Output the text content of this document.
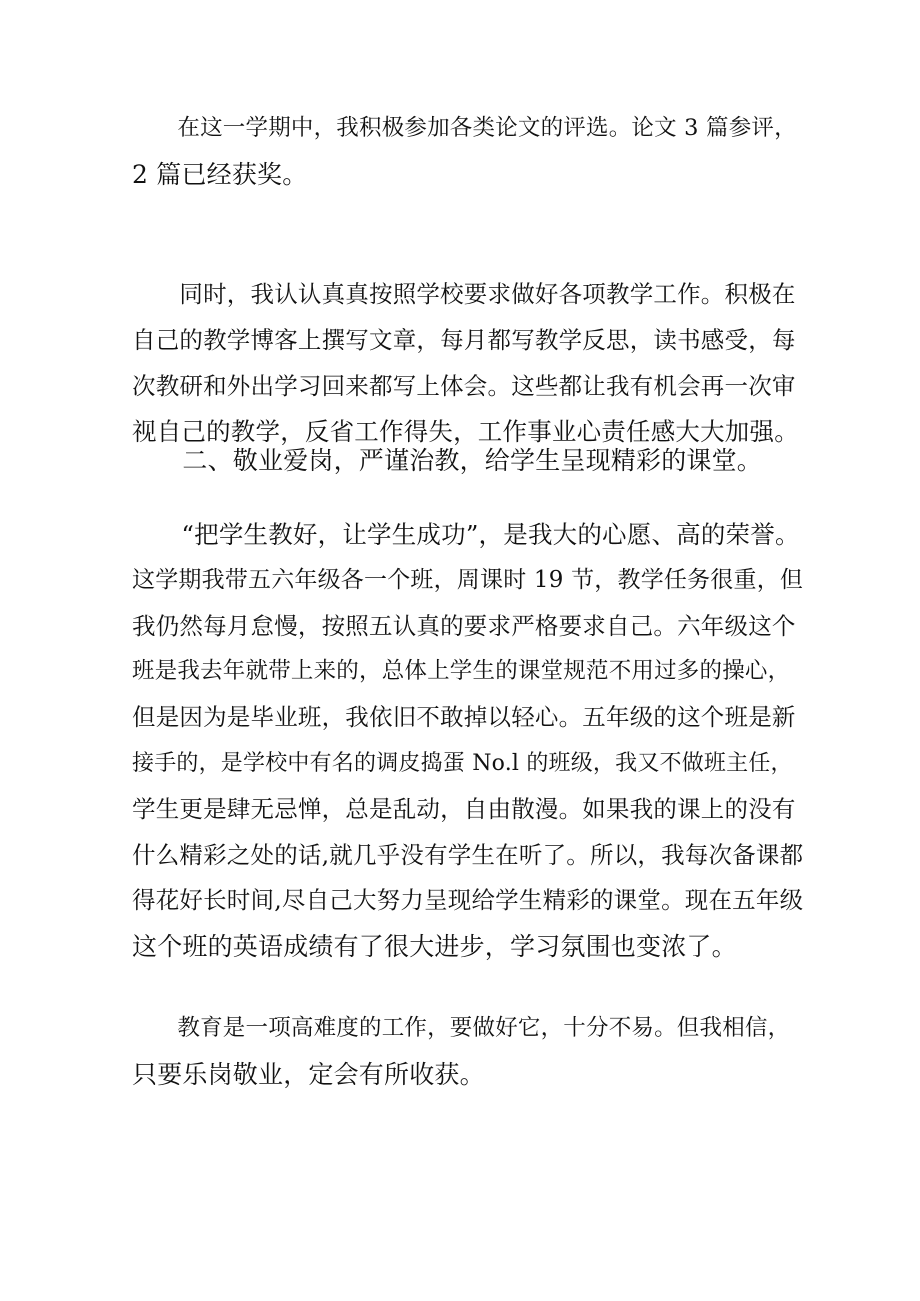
　　在这一学期中，我积极参加各类论文的评选。论文 3 篇参评，
2 篇已经获奖。

　　同时，我认认真真按照学校要求做好各项教学工作。积极在
自己的教学博客上撰写文章，每月都写教学反思，读书感受，每
次教研和外出学习回来都写上体会。这些都让我有机会再一次审
视自己的教学，反省工作得失，工作事业心责任感大大加强。

　　二、敬业爱岗，严谨治教，给学生呈现精彩的课堂。

　　“把学生教好，让学生成功”，是我大的心愿、高的荣誉。
这学期我带五六年级各一个班，周课时 19 节，教学任务很重，但
我仍然每月怠慢，按照五认真的要求严格要求自己。六年级这个
班是我去年就带上来的，总体上学生的课堂规范不用过多的操心，
但是因为是毕业班，我依旧不敢掉以轻心。五年级的这个班是新
接手的，是学校中有名的调皮捣蛋 No.l 的班级，我又不做班主任，
学生更是肆无忌惮，总是乱动，自由散漫。如果我的课上的没有
什么精彩之处的话,就几乎没有学生在听了。所以，我每次备课都
得花好长时间,尽自己大努力呈现给学生精彩的课堂。现在五年级
这个班的英语成绩有了很大进步，学习氛围也变浓了。

　　教育是一项高难度的工作，要做好它，十分不易。但我相信，
只要乐岗敬业，定会有所收获。
